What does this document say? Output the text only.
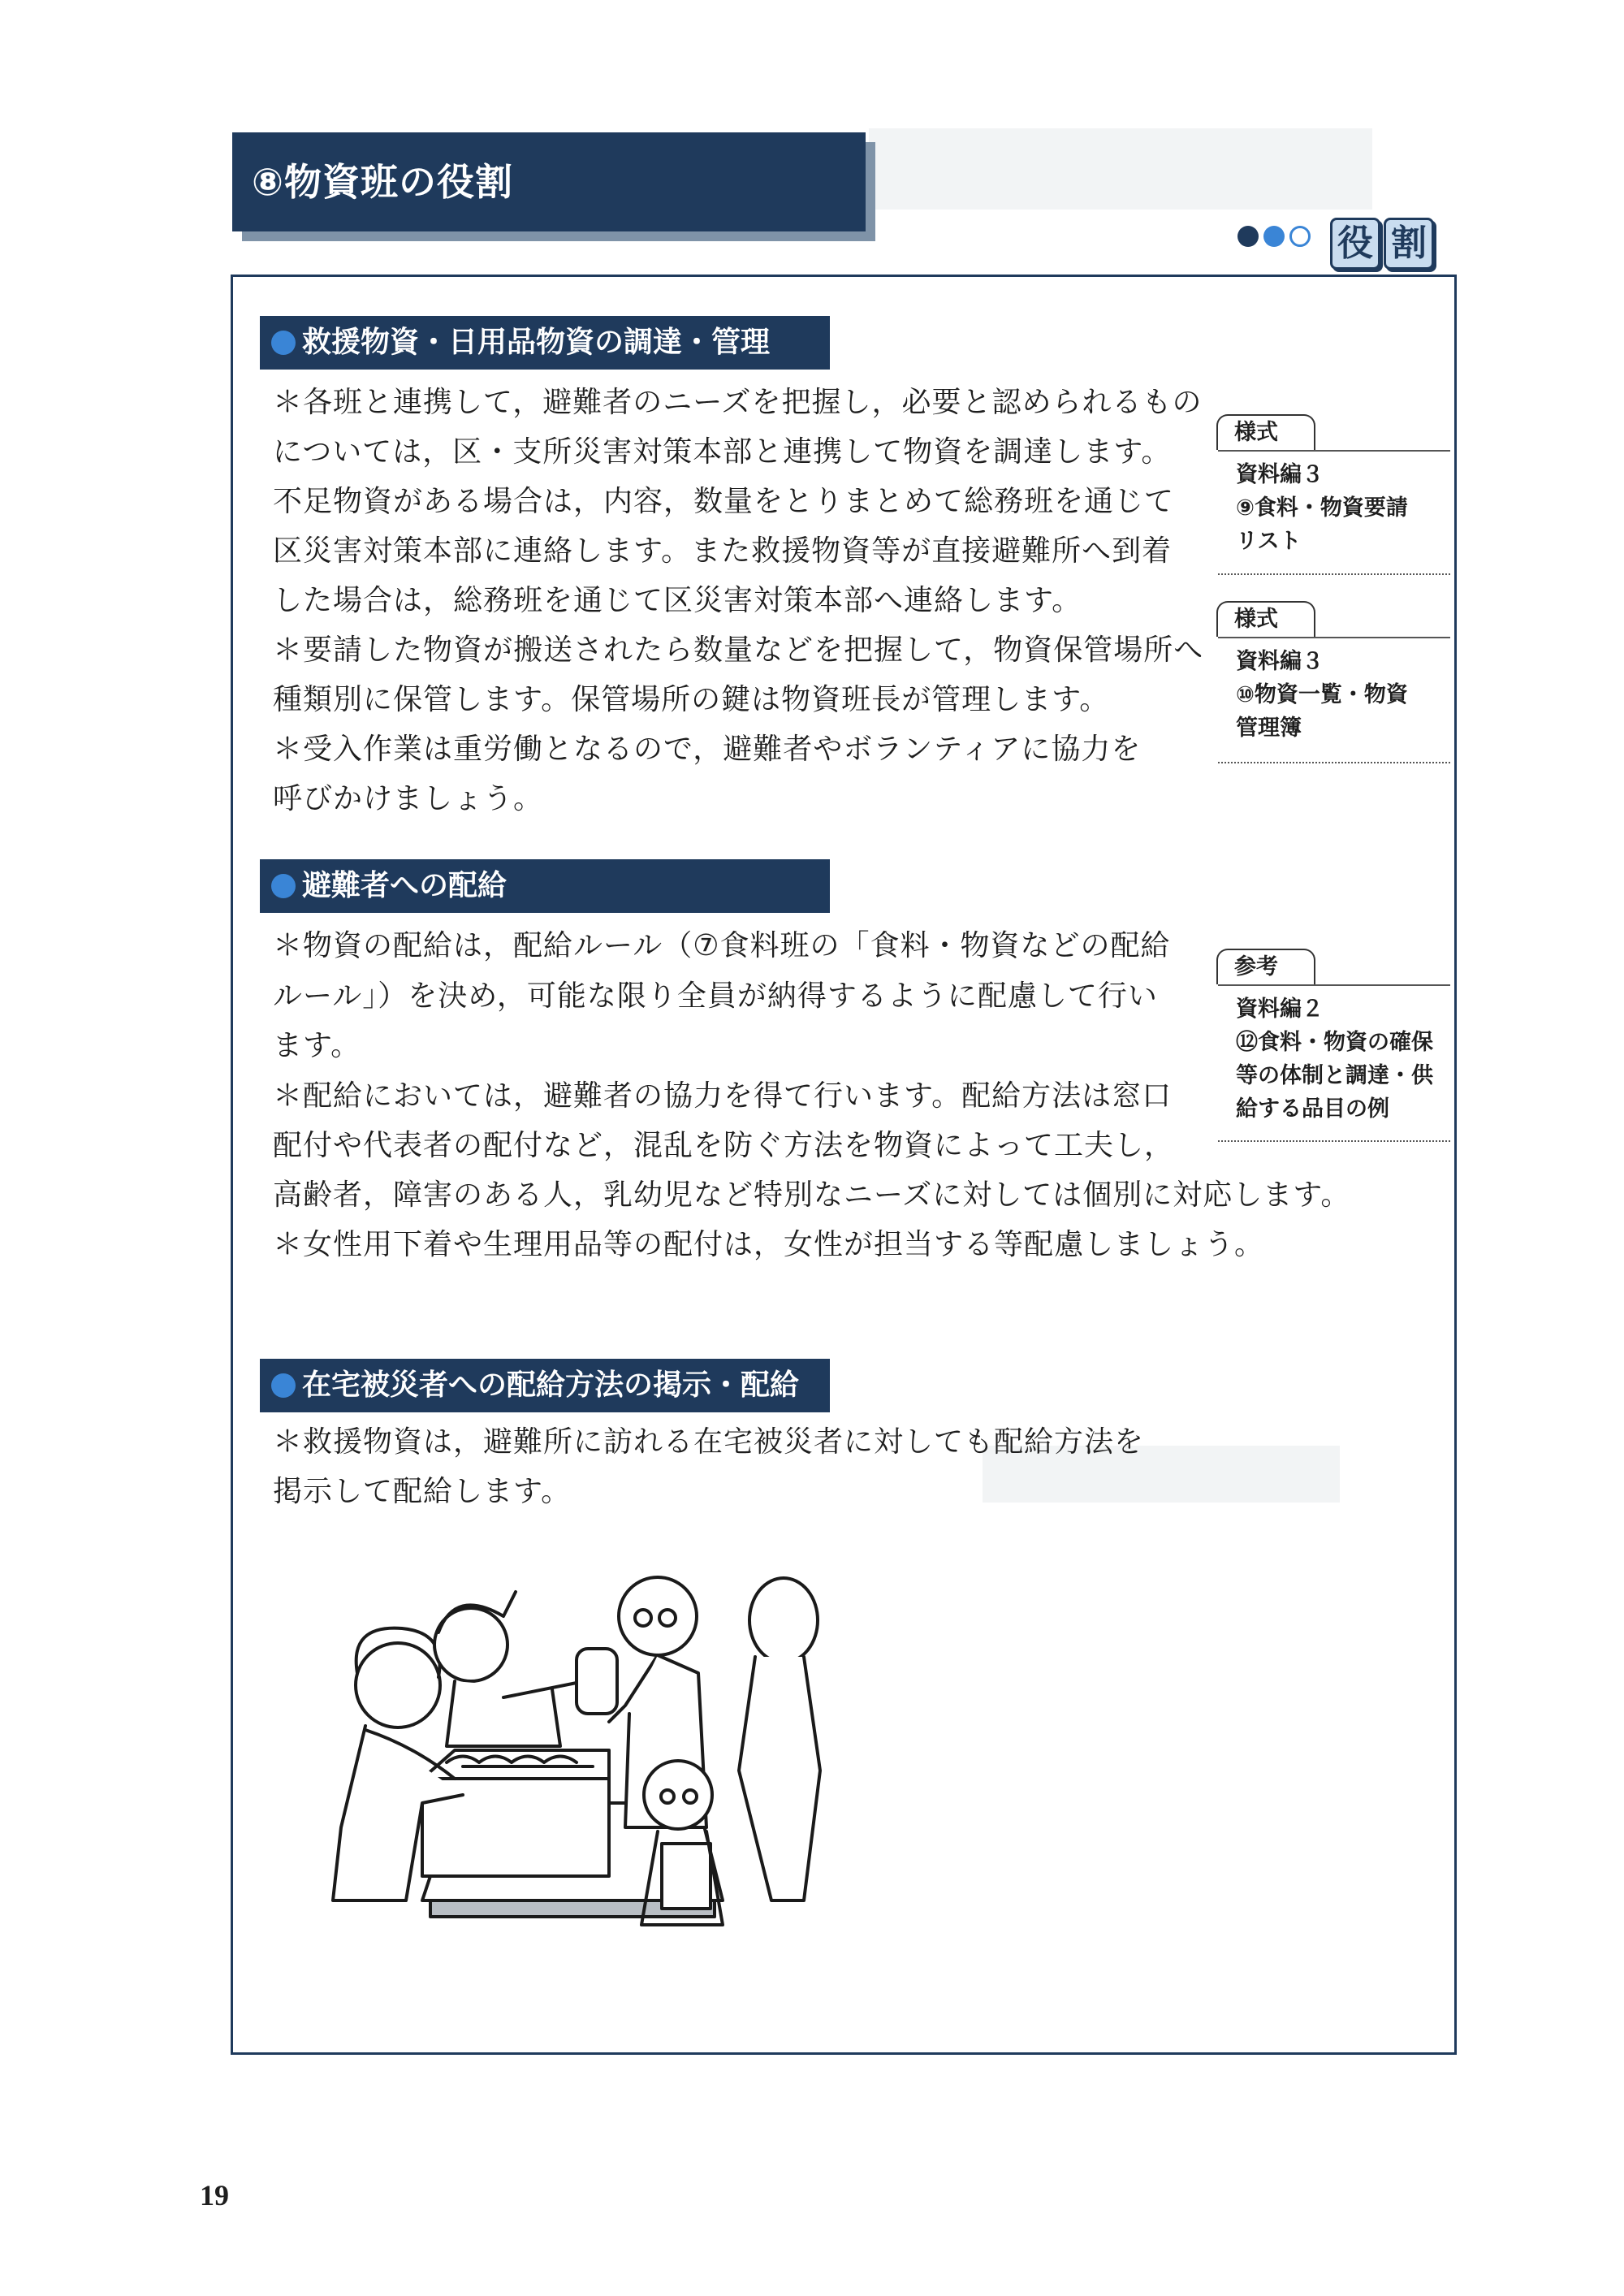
⑧物資班の役割
役 割
救援物資・日用品物資の調達・管理
＊各班と連携して，避難者のニーズを把握し，必要と認められるもの
については，区・支所災害対策本部と連携して物資を調達します。
不足物資がある場合は，内容，数量をとりまとめて総務班を通じて
区災害対策本部に連絡します。また救援物資等が直接避難所へ到着
した場合は，総務班を通じて区災害対策本部へ連絡します。
＊要請した物資が搬送されたら数量などを把握して，物資保管場所へ
種類別に保管します。保管場所の鍵は物資班長が管理します。
＊受入作業は重労働となるので，避難者やボランティアに協力を
呼びかけましょう。
避難者への配給
＊物資の配給は，配給ルール（⑦食料班の「食料・物資などの配給
ルール」）を決め，可能な限り全員が納得するように配慮して行い
ます。
＊配給においては，避難者の協力を得て行います。配給方法は窓口
配付や代表者の配付など，混乱を防ぐ方法を物資によって工夫し，
高齢者，障害のある人，乳幼児など特別なニーズに対しては個別に対応します。
＊女性用下着や生理用品等の配付は，女性が担当する等配慮しましょう。
在宅被災者への配給方法の掲示・配給
＊救援物資は，避難所に訪れる在宅被災者に対しても配給方法を
掲示して配給します。
様式
資料編３
⑨食料・物資要請
リスト
様式
資料編３
⑩物資一覧・物資
管理簿
参考
資料編２
⑫食料・物資の確保
等の体制と調達・供
給する品目の例
19
